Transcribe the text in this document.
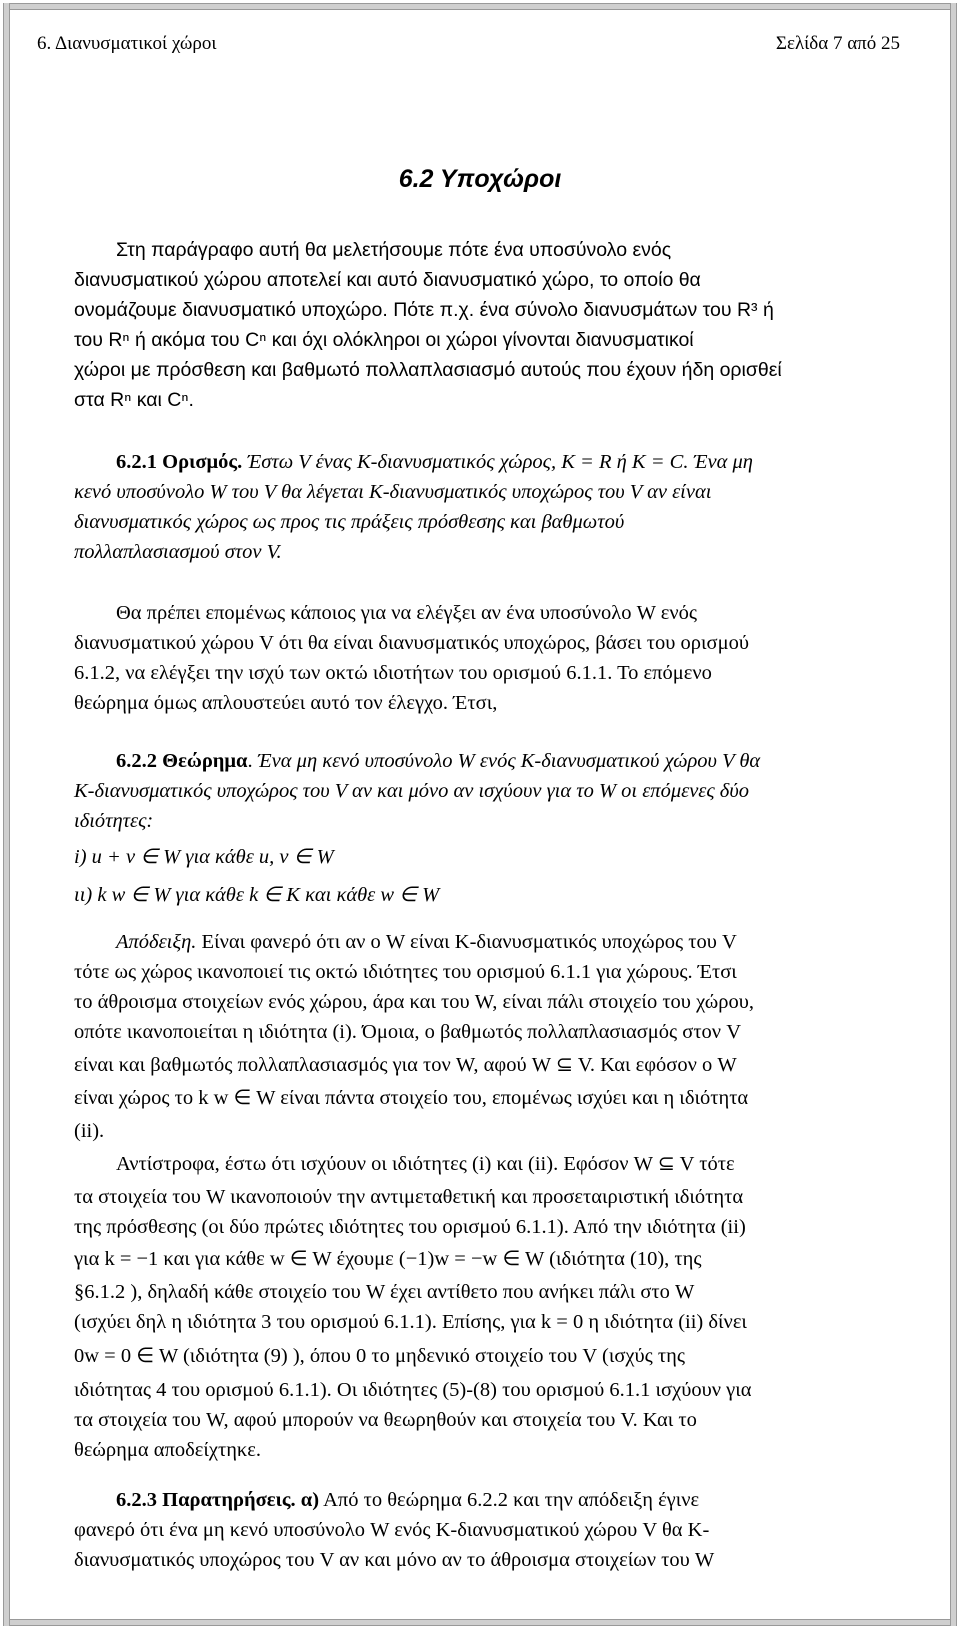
6. Διανυσματικοί χώροι	Σελίδα 7 από 25
6.2 Υποχώροι
Στη παράγραφο αυτή θα μελετήσουμε πότε ένα υποσύνολο ενός
διανυσματικού χώρου αποτελεί και αυτό διανυσματικό χώρο, το οποίο θα
ονομάζουμε διανυσματικό υποχώρο. Πότε π.χ. ένα σύνολο διανυσμάτων του R³ ή
του Rⁿ ή ακόμα του Cⁿ και όχι ολόκληροι οι χώροι γίνονται διανυσματικοί
χώροι με πρόσθεση και βαθμωτό πολλαπλασιασμό αυτούς που έχουν ήδη ορισθεί
στα Rⁿ και Cⁿ.
6.2.1 Ορισμός. Έστω V ένας K-διανυσματικός χώρος, K = R ή K = C. Ένα μη
κενό υποσύνολο W του V θα λέγεται K-διανυσματικός υποχώρος του V αν είναι
διανυσματικός χώρος ως προς τις πράξεις πρόσθεσης και βαθμωτού
πολλαπλασιασμού στον V.
Θα πρέπει επομένως κάποιος για να ελέγξει αν ένα υποσύνολο W ενός
διανυσματικού χώρου V ότι θα είναι διανυσματικός υποχώρος, βάσει του ορισμού
6.1.2, να ελέγξει την ισχύ των οκτώ ιδιοτήτων του ορισμού 6.1.1. Το επόμενο
θεώρημα όμως απλουστεύει αυτό τον έλεγχο. Έτσι,
6.2.2 Θεώρημα. Ένα μη κενό υποσύνολο W ενός K-διανυσματικού χώρου V θα
K-διανυσματικός υποχώρος του V αν και μόνο αν ισχύουν για το W οι επόμενες δύο
ιδιότητες:
i) u + v ∈ W για κάθε u, v ∈ W
ιι) k w ∈ W για κάθε k ∈ K και κάθε w ∈ W
Απόδειξη. Είναι φανερό ότι αν ο W είναι K-διανυσματικός υποχώρος του V
τότε ως χώρος ικανοποιεί τις οκτώ ιδιότητες του ορισμού 6.1.1 για χώρους. Έτσι
το άθροισμα στοιχείων ενός χώρου, άρα και του W, είναι πάλι στοιχείο του χώρου,
οπότε ικανοποιείται η ιδιότητα (i). Όμοια, ο βαθμωτός πολλαπλασιασμός στον V
είναι και βαθμωτός πολλαπλασιασμός για τον W, αφού W ⊆ V. Και εφόσον ο W
είναι χώρος το k w ∈ W είναι πάντα στοιχείο του, επομένως ισχύει και η ιδιότητα
(ii).
Αντίστροφα, έστω ότι ισχύουν οι ιδιότητες (i) και (ii). Εφόσον W ⊆ V τότε
τα στοιχεία του W ικανοποιούν την αντιμεταθετική και προσεταιριστική ιδιότητα
της πρόσθεσης (οι δύο πρώτες ιδιότητες του ορισμού 6.1.1). Από την ιδιότητα (ii)
για k = −1 και για κάθε w ∈ W έχουμε (−1)w = −w ∈ W (ιδιότητα (10), της
§6.1.2 ), δηλαδή κάθε στοιχείο του W έχει αντίθετο που ανήκει πάλι στο W
(ισχύει δηλ η ιδιότητα 3 του ορισμού 6.1.1). Επίσης, για k = 0 η ιδιότητα (ii) δίνει
0w = 0 ∈ W (ιδιότητα (9) ), όπου 0 το μηδενικό στοιχείο του V (ισχύς της
ιδιότητας 4 του ορισμού 6.1.1). Οι ιδιότητες (5)-(8) του ορισμού 6.1.1 ισχύουν για
τα στοιχεία του W, αφού μπορούν να θεωρηθούν και στοιχεία του V. Και το
θεώρημα αποδείχτηκε.
6.2.3 Παρατηρήσεις. α) Από το θεώρημα 6.2.2 και την απόδειξη έγινε
φανερό ότι ένα μη κενό υποσύνολο W ενός K-διανυσματικού χώρου V θα K-
διανυσματικός υποχώρος του V αν και μόνο αν το άθροισμα στοιχείων του W
